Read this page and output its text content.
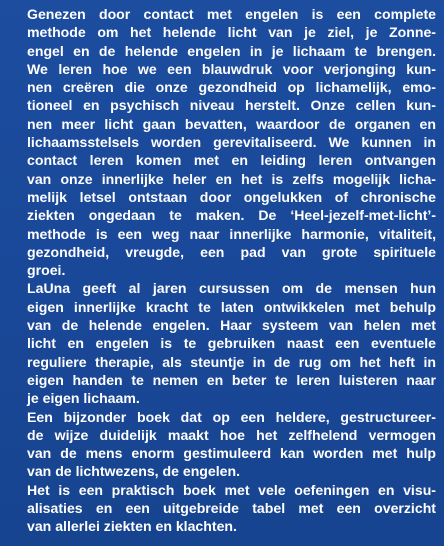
Genezen door contact met engelen is een complete
methode om het helende licht van je ziel, je Zonne-
engel en de helende engelen in je lichaam te brengen.
We leren hoe we een blauwdruk voor verjonging kun-
nen creëren die onze gezondheid op lichamelijk, emo-
tioneel en psychisch niveau herstelt. Onze cellen kun-
nen meer licht gaan bevatten, waardoor de organen en
lichaamsstelsels worden gerevitaliseerd. We kunnen in
contact leren komen met en leiding leren ontvangen
van onze innerlijke heler en het is zelfs mogelijk licha-
melijk letsel ontstaan door ongelukken of chronische
ziekten ongedaan te maken. De ‘Heel-jezelf-met-licht’-
methode is een weg naar innerlijke harmonie, vitaliteit,
gezondheid, vreugde, een pad van grote spirituele
groei.

LaUna geeft al jaren cursussen om de mensen hun
eigen innerlijke kracht te laten ontwikkelen met behulp
van de helende engelen. Haar systeem van helen met
licht en engelen is te gebruiken naast een eventuele
reguliere therapie, als steuntje in de rug om het heft in
eigen handen te nemen en beter te leren luisteren naar
je eigen lichaam.

Een bijzonder boek dat op een heldere, gestructureer-
de wijze duidelijk maakt hoe het zelfhelend vermogen
van de mens enorm gestimuleerd kan worden met hulp
van de lichtwezens, de engelen.

Het is een praktisch boek met vele oefeningen en visu-
alisaties en een uitgebreide tabel met een overzicht
van allerlei ziekten en klachten.
